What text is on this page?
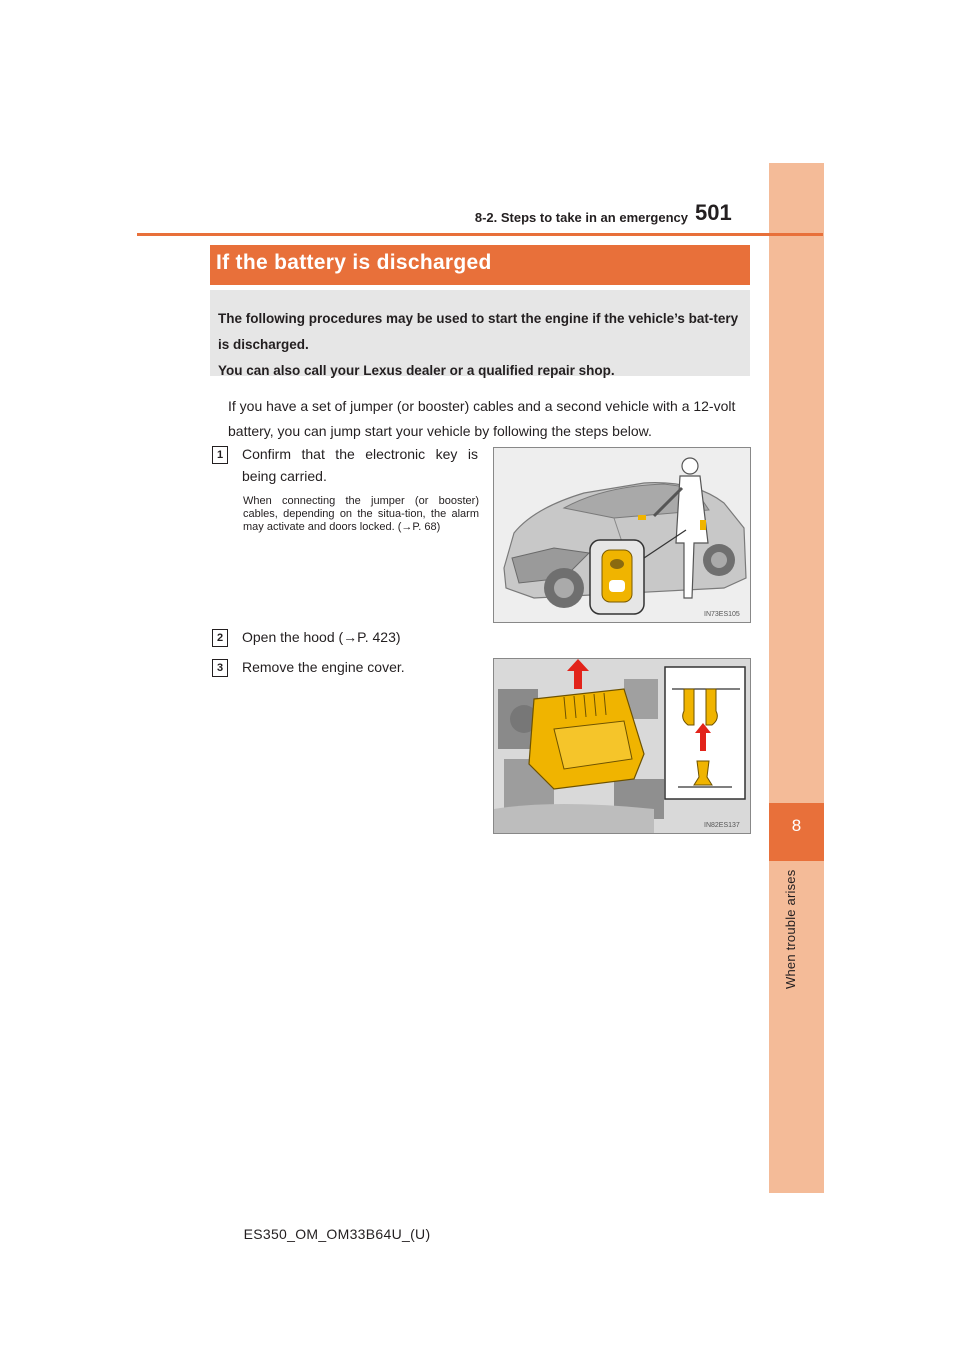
8
When trouble arises
8-2. Steps to take in an emergency 501
If the battery is discharged
The following procedures may be used to start the engine if the vehicle’s bat-tery is discharged.
You can also call your Lexus dealer or a qualified repair shop.
If you have a set of jumper (or booster) cables and a second vehicle with a 12-volt battery, you can jump start your vehicle by following the steps below.
1	Confirm that the electronic key is being carried.
When connecting the jumper (or booster) cables, depending on the situa-tion, the alarm may activate and doors locked. (→P. 68)
IN73ES105
2	Open the hood (→P. 423)
3	Remove the engine cover.
IN82ES137
ES350_OM_OM33B64U_(U)
